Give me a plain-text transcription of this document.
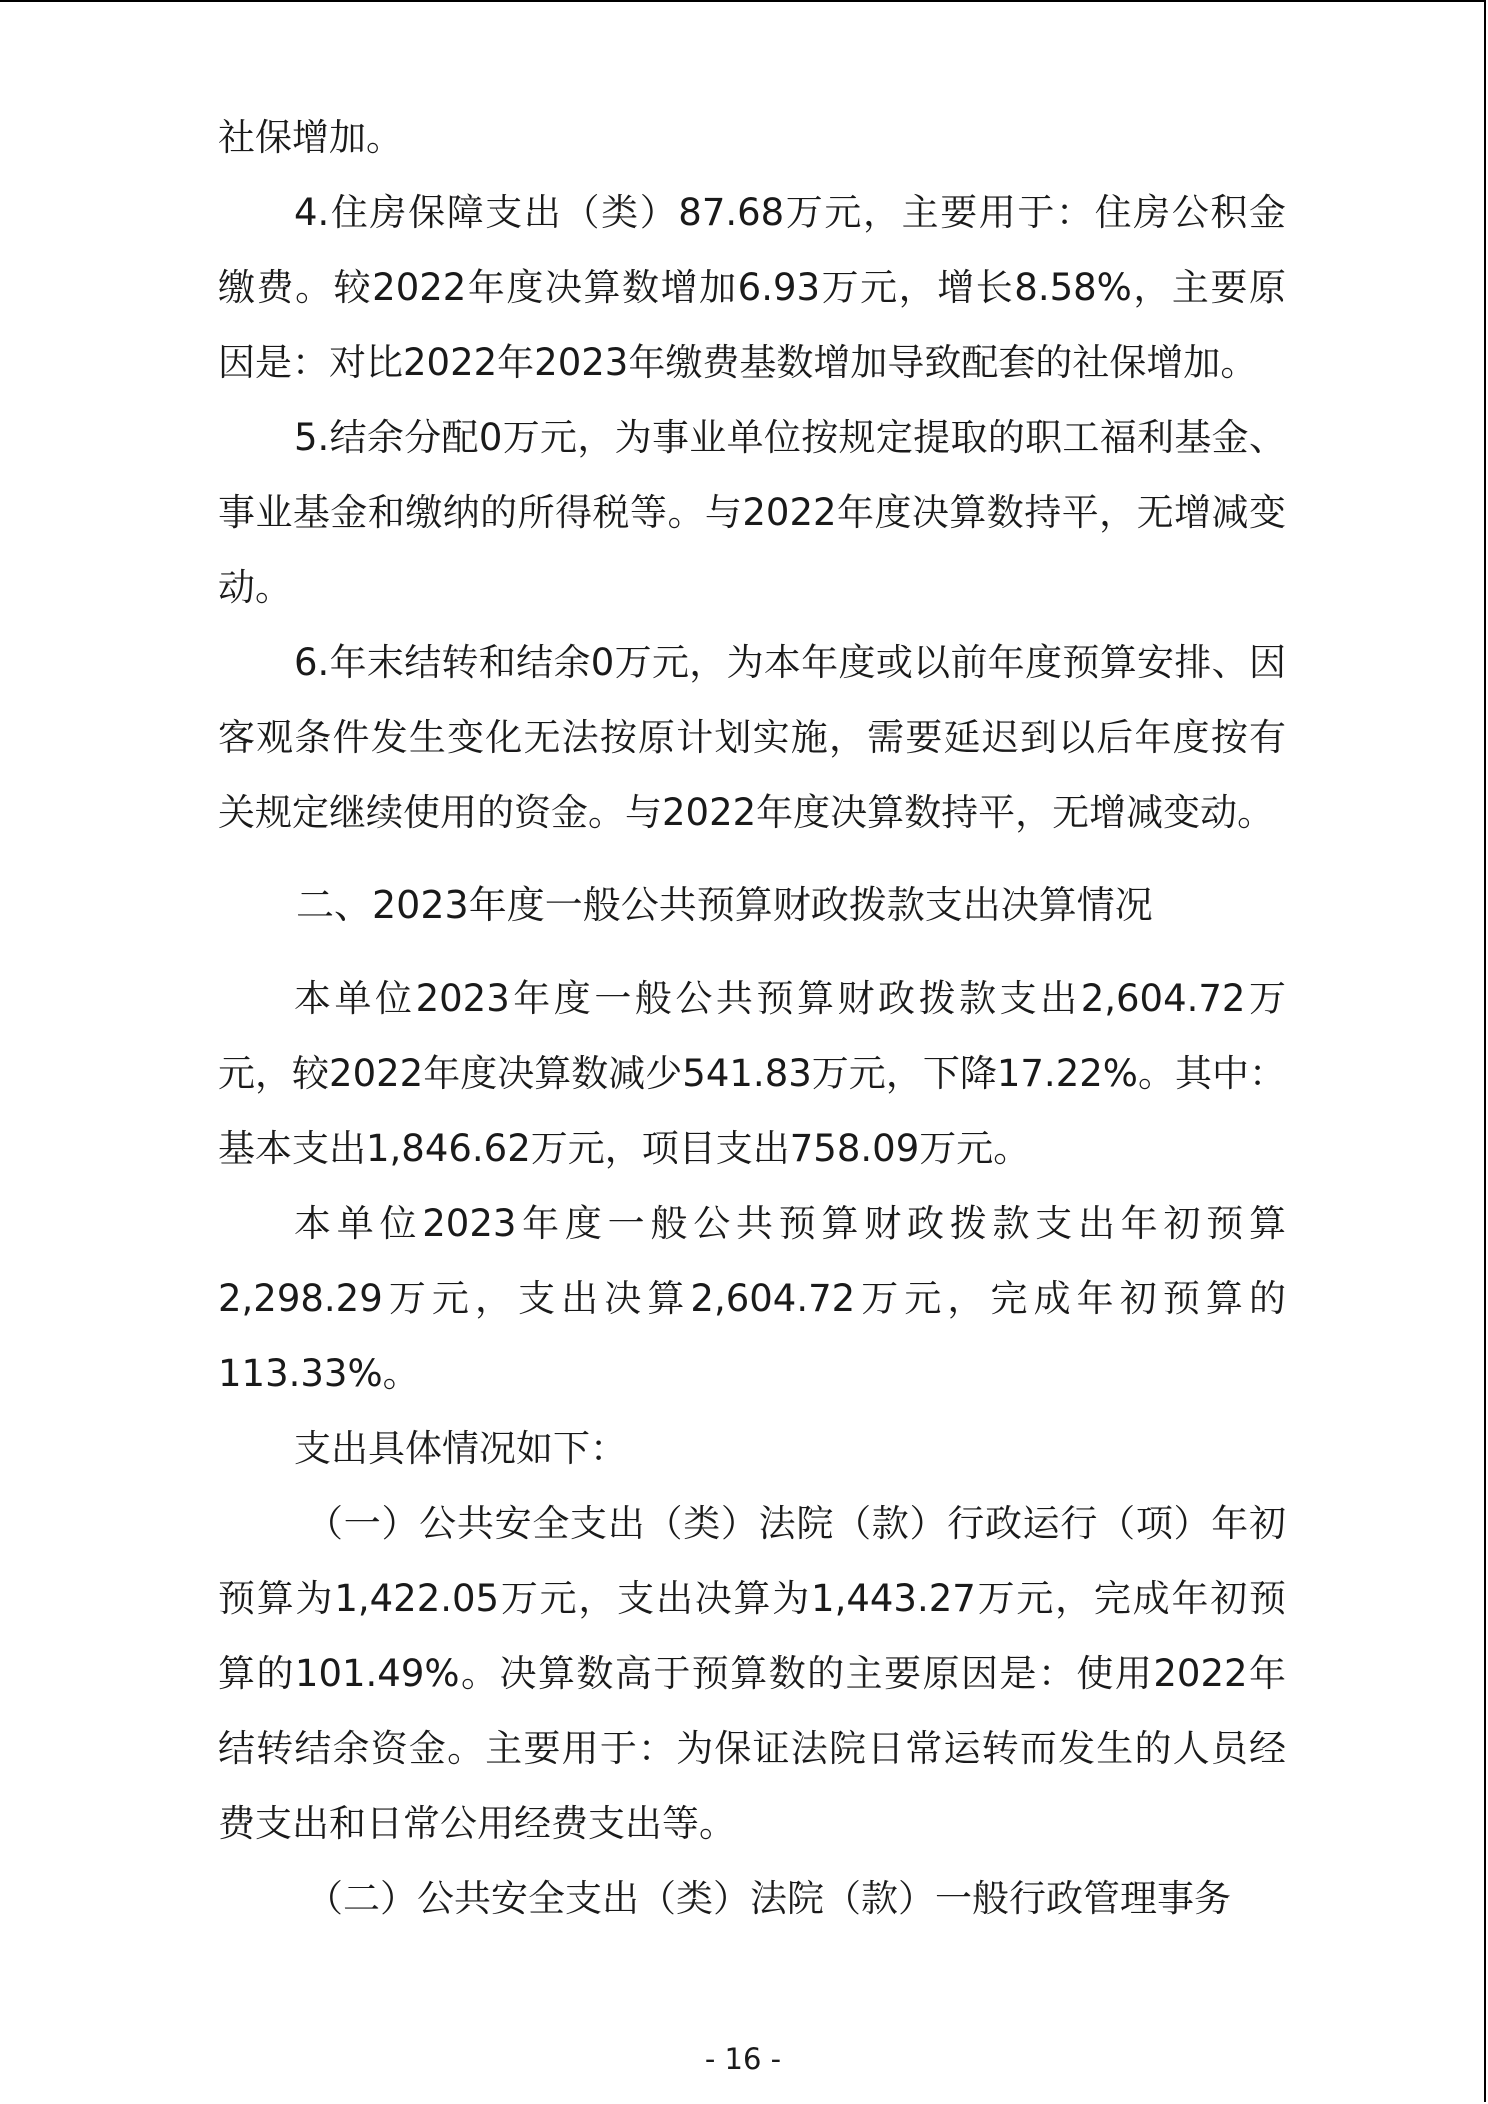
社保增加。

4.住房保障支出（类）87.68万元，主要用于：住房公积金缴费。较2022年度决算数增加6.93万元，增长8.58%，主要原因是：对比2022年2023年缴费基数增加导致配套的社保增加。

5.结余分配0万元，为事业单位按规定提取的职工福利基金、事业基金和缴纳的所得税等。与2022年度决算数持平，无增减变动。

6.年末结转和结余0万元，为本年度或以前年度预算安排、因客观条件发生变化无法按原计划实施，需要延迟到以后年度按有关规定继续使用的资金。与2022年度决算数持平，无增减变动。

二、2023年度一般公共预算财政拨款支出决算情况

本单位2023年度一般公共预算财政拨款支出2,604.72万元，较2022年度决算数减少541.83万元，下降17.22%。其中：基本支出1,846.62万元，项目支出758.09万元。

本单位2023年度一般公共预算财政拨款支出年初预算2,298.29万元，支出决算2,604.72万元，完成年初预算的113.33%。

支出具体情况如下：

（一）公共安全支出（类）法院（款）行政运行（项）年初预算为1,422.05万元，支出决算为1,443.27万元，完成年初预算的101.49%。决算数高于预算数的主要原因是：使用2022年结转结余资金。主要用于：为保证法院日常运转而发生的人员经费支出和日常公用经费支出等。

（二）公共安全支出（类）法院（款）一般行政管理事务

- 16 -
